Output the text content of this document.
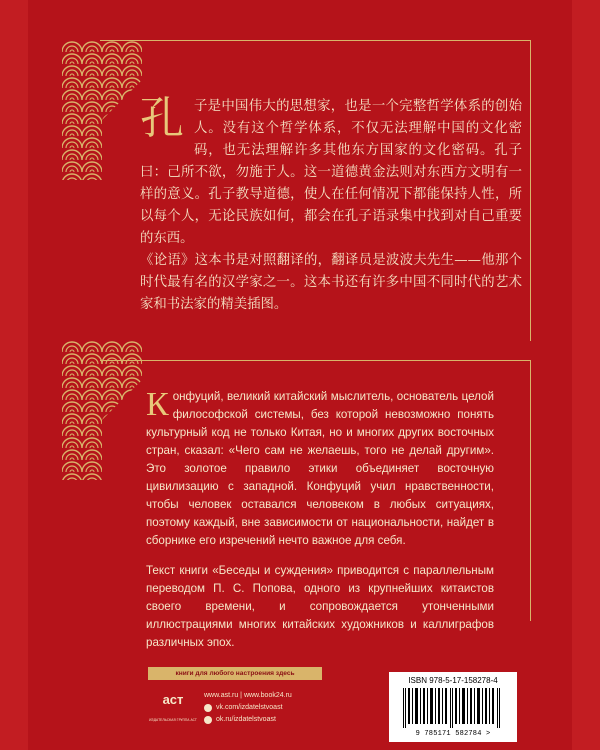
孔 子是中国伟大的思想家，也是一个完整哲学体系的创始人。没有这个哲学体系，不仅无法理解中国的文化密码，也无法理解许多其他东方国家的文化密码。孔子曰：己所不欲，勿施于人。这一道德黄金法则对东西方文明有一样的意义。孔子教导道德，使人在任何情况下都能保持人性，所以每个人，无论民族如何，都会在孔子语录集中找到对自己重要的东西。
《论语》这本书是对照翻译的，翻译员是波波夫先生——他那个时代最有名的汉学家之一。这本书还有许多中国不同时代的艺术家和书法家的精美插图。

Конфуций, великий китайский мыслитель, основатель целой философской системы, без которой невозможно понять культурный код не только Китая, но и многих других восточных стран, сказал: «Чего сам не желаешь, того не делай другим». Это золотое правило этики объединяет восточную цивилизацию с западной. Конфуций учил нравственности, чтобы человек оставался человеком в любых ситуациях, поэтому каждый, вне зависимости от национальности, найдет в сборнике его изречений нечто важное для себя.

Текст книги «Беседы и суждения» приводится с параллельным переводом П. С. Попова, одного из крупнейших китаистов своего времени, и сопровождается утонченными иллюстрациями многих китайских художников и каллиграфов различных эпох.

книги для любого настроения здесь
аст
ИЗДАТЕЛЬСКАЯ ГРУППА АСТ
www.ast.ru | www.book24.ru
vk.com/izdatelstvoast
ok.ru/izdatelstvoast
ISBN 978-5-17-158278-4
9 785171 582784 >
